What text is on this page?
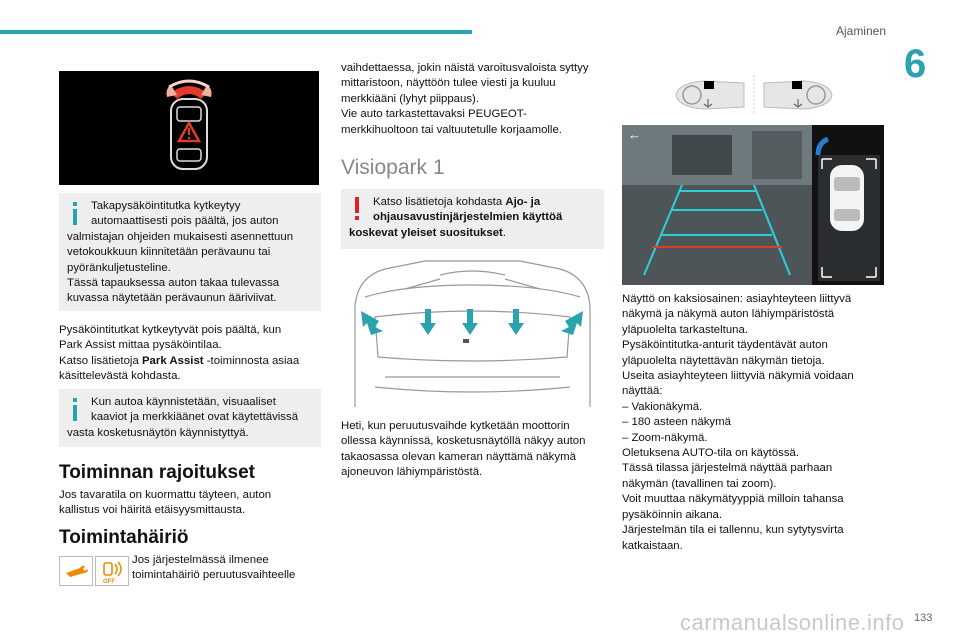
Ajaminen
6
Takapysäköintitutka kytkeytyy
automaattisesti pois päältä, jos auton
valmistajan ohjeiden mukaisesti asennettuun
vetokoukkuun kiinnitetään perävaunu tai
pyöränkuljetusteline.
Tässä tapauksessa auton takaa tulevassa
kuvassa näytetään perävaunun ääriviivat.
Pysäköintitutkat kytkeytyvät pois päältä, kun
Park Assist mittaa pysäköintilaa.
Katso lisätietoja Park Assist -toiminnosta asiaa
käsittelevästä kohdasta.
Kun autoa käynnistetään, visuaaliset
kaaviot ja merkkiäänet ovat käytettävissä
vasta kosketusnäytön käynnistyttyä.
Toiminnan rajoitukset
Jos tavaratila on kuormattu täyteen, auton
kallistus voi häiritä etäisyysmittausta.
Toimintahäiriö
OFF
Jos järjestelmässä ilmenee
toimintahäiriö peruutusvaihteelle
vaihdettaessa, jokin näistä varoitusvaloista syttyy
mittaristoon, näyttöön tulee viesti ja kuuluu
merkkiääni (lyhyt piippaus).
Vie auto tarkastettavaksi PEUGEOT-
merkkihuoltoon tai valtuutetulle korjaamolle.
Visiopark 1
Katso lisätietoja kohdasta Ajo- ja
ohjausavustinjärjestelmien käyttöä
koskevat yleiset suositukset.
Heti, kun peruutusvaihde kytketään moottorin
ollessa käynnissä, kosketusnäytöllä näkyy auton
takaosassa olevan kameran näyttämä näkymä
ajoneuvon lähiympäristöstä.
←
Näyttö on kaksiosainen: asiayhteyteen liittyvä
näkymä ja näkymä auton lähiympäristöstä
yläpuolelta tarkasteltuna.
Pysäköintitutka-anturit täydentävät auton
yläpuolelta näytettävän näkymän tietoja.
Useita asiayhteyteen liittyviä näkymiä voidaan
näyttää:
– Vakionäkymä.
– 180 asteen näkymä
– Zoom-näkymä.
Oletuksena AUTO-tila on käytössä.
Tässä tilassa järjestelmä näyttää parhaan
näkymän (tavallinen tai zoom).
Voit muuttaa näkymätyyppiä milloin tahansa
pysäköinnin aikana.
Järjestelmän tila ei tallennu, kun sytytysvirta
katkaistaan.
133
carmanualsonline.info
